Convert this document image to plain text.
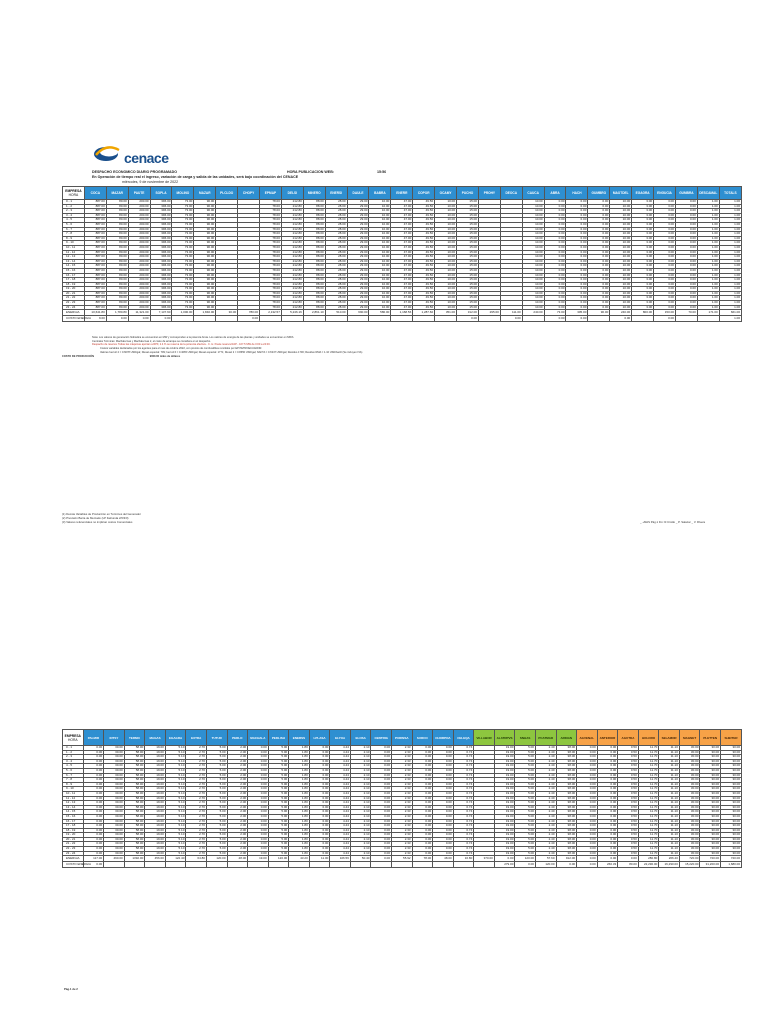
cenace
DESPACHO ECONOMICO DIARIO PROGRAMADO
En Operación de tiempo real el ingreso, variación de carga y salida de las unidades, será bajo coordinación del CENACE
miércoles, 9 de noviembre de 2022
HORA PUBLICACION WEB:	15:56
EMPRESA
HORA	COCA	MAZAR	PAUTE	SOPLA	MOLINO	MAZAR	PLCLDO	CHOPY	EPMAP	DELSI	MINERO	ENERSI	DAULE	BABRA	ENERR	COPOR	OCAMY	PUCHO	PROHY	DEOCA	CAUCA	ABRA	HACH	GUMBRO	MAOTDEL	EGAGRA	ENGUCIA	GUMBRA	DESCAMAL	TOTALS
0 - 1	887.00	80.00	200.00	396.00	73.00	90.00			78.00	212.80	88.00	28.00	29.00	10.00	47.00	49.50	10.00	15.00			10.00	0.00	0.00	0.00	10.00	3.00	3.00	0.00	1.00	1.00
1 - 2	887.00	80.00	200.00	396.00	73.00	90.00			78.00	212.80	88.00	28.00	29.00	10.00	47.00	49.50	10.00	15.00			10.00	0.00	0.00	0.00	10.00	3.00	3.00	0.00	1.00	1.00
2 - 3	887.00	80.00	200.00	396.00	73.00	90.00			78.00	212.80	88.00	28.00	29.00	10.00	47.00	49.50	10.00	15.00			10.00	0.00	0.00	0.00	10.00	3.00	3.00	0.00	1.00	1.00
3 - 4	887.00	80.00	200.00	396.00	73.00	90.00			78.00	212.80	88.00	28.00	29.00	10.00	47.00	49.50	10.00	15.00			10.00	0.00	0.00	0.00	10.00	3.00	3.00	0.00	1.00	1.00
4 - 5	887.00	80.00	200.00	396.00	73.00	90.00			78.00	212.80	88.00	28.00	29.00	10.00	47.00	49.50	10.00	15.00			10.00	0.00	0.00	0.00	10.00	3.00	3.00	0.00	1.00	1.00
5 - 6	887.00	80.00	200.00	396.00	73.00	90.00			78.00	212.80	88.00	28.00	29.00	10.00	47.00	49.50	10.00	15.00			10.00	0.00	0.00	0.00	10.00	3.00	3.00	0.00	1.00	1.00
6 - 7	887.00	80.00	200.00	396.00	73.00	90.00			78.00	212.80	88.00	28.00	29.00	10.00	47.00	49.50	10.00	15.00			10.00	0.00	0.00	0.00	10.00	3.00	3.00	0.00	1.00	1.00
7 - 8	887.00	80.00	200.00	396.00	73.00	90.00			78.00	212.80	88.00	28.00	29.00	10.00	47.00	49.50	10.00	15.00			10.00	0.00	0.00	0.00	10.00	3.00	3.00	0.00	1.00	1.00
8 - 9	887.00	80.00	200.00	396.00	73.00	90.00			78.00	212.80	88.00	28.00	29.00	10.00	47.00	49.50	10.00	15.00			10.00	0.00	0.00	0.00	10.00	3.00	3.00	0.00	1.00	1.00
9 - 10	887.00	80.00	200.00	396.00	73.00	90.00			78.00	212.80	88.00	28.00	29.00	10.00	47.00	49.50	10.00	15.00			10.00	0.00	0.00	0.00	10.00	3.00	3.00	0.00	1.00	1.00
10 - 11	887.00	80.00	200.00	396.00	73.00	90.00			78.00	212.80	88.00	28.00	29.00	10.00	47.00	49.50	10.00	15.00			10.00	0.00	0.00	0.00	10.00	3.00	3.00	0.00	1.00	1.00
11 - 12	887.00	80.00	200.00	396.00	73.00	90.00			78.00	212.80	88.00	28.00	29.00	10.00	47.00	49.50	10.00	15.00			10.00	0.00	0.00	0.00	10.00	3.00	3.00	0.00	1.00	1.00
12 - 13	887.00	80.00	200.00	396.00	73.00	90.00			78.00	212.80	88.00	28.00	29.00	10.00	47.00	49.50	10.00	15.00			10.00	0.00	0.00	0.00	10.00	3.00	3.00	0.00	1.00	1.00
13 - 14	887.00	80.00	200.00	396.00	73.00	90.00			78.00	212.80	88.00	28.00	29.00	10.00	47.00	49.50	10.00	15.00			10.00	0.00	0.00	0.00	10.00	3.00	3.00	0.00	1.00	1.00
14 - 15	887.00	80.00	200.00	396.00	73.00	90.00			78.00	212.80	88.00	28.00	29.00	10.00	47.00	49.50	10.00	15.00			10.00	0.00	0.00	0.00	10.00	3.00	3.00	0.00	1.00	1.00
15 - 16	887.00	80.00	200.00	396.00	73.00	90.00			78.00	212.80	88.00	28.00	29.00	10.00	47.00	49.50	10.00	15.00			10.00	0.00	0.00	0.00	10.00	3.00	3.00	0.00	1.00	1.00
16 - 17	887.00	80.00	200.00	396.00	73.00	90.00			78.00	212.80	88.00	28.00	29.00	10.00	47.00	49.50	10.00	15.00			10.00	0.00	0.00	0.00	10.00	3.00	3.00	0.00	1.00	1.00
17 - 18	887.00	80.00	200.00	396.00	73.00	90.00			78.00	212.80	88.00	28.00	29.00	10.00	47.00	49.50	10.00	15.00			10.00	0.00	0.00	0.00	10.00	3.00	3.00	0.00	1.00	1.00
18 - 19	887.00	80.00	200.00	396.00	73.00	90.00			78.00	212.80	88.00	28.00	29.00	10.00	47.00	49.50	10.00	15.00			10.00	0.00	0.00	0.00	10.00	3.00	3.00	0.00	1.00	1.00
19 - 20	887.00	80.00	200.00	396.00	73.00	90.00			78.00	212.80	88.00	28.00	29.00	10.00	47.00	49.50	10.00	15.00			10.00	0.00	0.00	0.00	10.00	3.00	3.00	0.00	1.00	1.00
20 - 21	887.00	80.00	200.00	396.00	73.00	90.00			78.00	212.80	88.00	28.00	29.00	10.00	47.00	49.50	10.00	15.00			10.00	0.00	0.00	0.00	10.00	3.00	3.00	0.00	1.00	1.00
21 - 22	887.00	80.00	200.00	396.00	73.00	90.00			78.00	212.80	88.00	28.00	29.00	10.00	47.00	49.50	10.00	15.00			10.00	0.00	0.00	0.00	10.00	3.00	3.00	0.00	1.00	1.00
22 - 23	887.00	80.00	200.00	396.00	73.00	90.00			78.00	212.80	88.00	28.00	29.00	10.00	47.00	49.50	10.00	15.00			10.00	0.00	0.00	0.00	10.00	3.00	3.00	0.00	1.00	1.00
23 - 24	887.00	80.00	200.00	396.00	73.00	90.00			78.00	212.80	88.00	28.00	29.00	10.00	47.00	49.50	10.00	15.00			10.00	0.00	0.00	0.00	10.00	3.00	3.00	0.00	1.00	1.00
ENERGIA	10,641.80	1,780.80	11,321.00	7,137.60	1,000.00	1,840.00	30.00	780.00	2,132.57	5,246.16	2,861.10	510.00	690.00	580.00	1,168.56	1,287.60	351.00	312.00	295.00	111.00	240.00	73.00	305.00	90.00	240.00	800.00	150.00	70.00	171.00	661.00
COSTO ENERGIA	9.00	0.00	0.00	0.00				0.00										0.00		0.00		0.00	0.00		0.00		0.00			1.00
Nota: Los valores de generación hidráulica se encuentran en MW y corresponden a la potencia bruta. Los valores de energía de las plantas y unidades se encuentran en MWh.
Centrales Térmicas: Machala Gas y Machala Gas 2, el costo de arranque se considera en el despacho.
Despacho de reserva: Todas las máquinas aportan a RPF, 2.4 % se reserva de la potencia efectiva - C. H. Paute reserva RAP - 167.5 MW de 0:00 a 24:00.
Costos variables declarados por los agentes para el mes de octubre 2022, con precios de combustibles remitidos por EP PETROECUADOR.
Valores fuel oil 4 = 0.6078 USD/gal; Diesel especial: 799; fuel oil 6 = 0.4065 USD/gal; Diesel especial: 1771; Diesel 2 = 0.8650 USD/gal; NAFTA = 0.6347 USD/gal; Residuo 1700; Residuo RMA = 1.10 USD/barril (Se incluyen IVA)
COSTO DE PRODUCCIÓN	9000.00 miles de dólares
(1) Demás Variables de Producción en Términos del Generador
(2) Previsión Barra de Mercado (LP Falcunda 2/6/3/0)
(3) Valores referenciales no implican costos Comerciales	_ +MAS Pág.1 Fin: R.Criollo _ P. Salazar _ V. Rivera
EMPRESA
HORA	PALMIR	INTSY	TERMO	MAGAS	EGAGRA	EXTRA	TUTUR	PERLO	MACHALA	PEDLISH	ENERSS	LPLASA	ELYOA	ELOSA	CENTRIG	PURINSA	SURCO	CHORPOA	CELEQA	VILLABOR	ALATRPVS	SNHAS	PCATMAD	ARDIAN	AGVENAL	ANTERIOR	AGUTDA	HOLORO	SELAMOR	MAGNET	PLETTEN	SHEITER
0 - 1	0.00	30.00	58.00	19.00	5.10	2.70	5.00	2.00	0.00	5.00	1.80	0.00	4.44	2.10	0.00	2.33	0.00	0.00	0.74		19.00	5.00	2.40	38.00	0.00	0.00	0.50	11.70	11.10	30.00	30.00	30.00
1 - 2	0.00	30.00	58.00	19.00	5.10	2.70	5.00	2.00	0.00	5.00	1.80	0.00	4.44	2.10	0.00	2.33	0.00	0.00	0.74		19.00	5.00	2.40	38.00	0.00	0.00	0.50	11.70	11.10	30.00	30.00	30.00
2 - 3	0.00	30.00	58.00	19.00	5.10	2.70	5.00	2.00	0.00	5.00	1.80	0.00	4.44	2.10	0.00	2.33	0.00	0.00	0.74		19.00	5.00	2.40	38.00	0.00	0.00	0.50	11.70	11.10	30.00	30.00	30.00
3 - 4	0.00	30.00	58.00	19.00	5.10	2.70	5.00	2.00	0.00	5.00	1.80	0.00	4.44	2.10	0.00	2.33	0.00	0.00	0.74		19.00	5.00	2.40	38.00	0.00	0.00	0.50	11.70	11.10	30.00	30.00	30.00
4 - 5	0.00	30.00	58.00	19.00	5.10	2.70	5.00	2.00	0.00	5.00	1.80	0.00	4.44	2.10	0.00	2.33	0.00	0.00	0.74		19.00	5.00	2.40	38.00	0.00	0.00	0.50	11.70	11.10	30.00	30.00	30.00
5 - 6	0.00	30.00	58.00	19.00	5.10	2.70	5.00	2.00	0.00	5.00	1.80	0.00	4.44	2.10	0.00	2.33	0.00	0.00	0.74		19.00	5.00	2.40	38.00	0.00	0.00	0.50	11.70	11.10	30.00	30.00	30.00
6 - 7	0.00	30.00	58.00	19.00	5.10	2.70	5.00	2.00	0.00	5.00	1.80	0.00	4.44	2.10	0.00	2.33	0.00	0.00	0.74		19.00	5.00	2.40	38.00	0.00	0.00	0.50	11.70	11.10	30.00	30.00	30.00
7 - 8	0.00	30.00	58.00	19.00	5.10	2.70	5.00	2.00	0.00	5.00	1.80	0.00	4.44	2.10	0.00	2.33	0.00	0.00	0.74		19.00	5.00	2.40	38.00	0.00	0.00	0.50	11.70	11.10	30.00	30.00	30.00
8 - 9	0.00	30.00	58.00	19.00	5.10	2.70	5.00	2.00	0.00	5.00	1.80	0.00	4.44	2.10	0.00	2.33	0.00	0.00	0.74		19.00	5.00	2.40	38.00	0.00	0.00	0.50	11.70	11.10	30.00	30.00	30.00
9 - 10	0.00	30.00	58.00	19.00	5.10	2.70	5.00	2.00	0.00	5.00	1.80	0.00	4.44	2.10	0.00	2.33	0.00	0.00	0.74		19.00	5.00	2.40	38.00	0.00	0.00	0.50	11.70	11.10	30.00	30.00	30.00
10 - 11	0.00	30.00	58.00	19.00	5.10	2.70	5.00	2.00	0.00	5.00	1.80	0.00	4.44	2.10	0.00	2.33	0.00	0.00	0.74		19.00	5.00	2.40	38.00	0.00	0.00	0.50	11.70	11.10	30.00	30.00	30.00
11 - 12	0.00	30.00	58.00	19.00	5.10	2.70	5.00	2.00	0.00	5.00	1.80	0.00	4.44	2.10	0.00	2.33	0.00	0.00	0.74		19.00	5.00	2.40	38.00	0.00	0.00	0.50	11.70	11.10	30.00	30.00	30.00
12 - 13	0.00	30.00	58.00	19.00	5.10	2.70	5.00	2.00	0.00	5.00	1.80	0.00	4.44	2.10	0.00	2.33	0.00	0.00	0.74		19.00	5.00	2.40	38.00	0.00	0.00	0.50	11.70	11.10	30.00	30.00	30.00
13 - 14	0.00	30.00	58.00	19.00	5.10	2.70	5.00	2.00	0.00	5.00	1.80	0.00	4.44	2.10	0.00	2.33	0.00	0.00	0.74		19.00	5.00	2.40	38.00	0.00	0.00	0.50	11.70	11.10	30.00	30.00	30.00
14 - 15	0.00	30.00	58.00	19.00	5.10	2.70	5.00	2.00	0.00	5.00	1.80	0.00	4.44	2.10	0.00	2.33	0.00	0.00	0.74		19.00	5.00	2.40	38.00	0.00	0.00	0.50	11.70	11.10	30.00	30.00	30.00
15 - 16	0.00	30.00	58.00	19.00	5.10	2.70	5.00	2.00	0.00	5.00	1.80	0.00	4.44	2.10	0.00	2.33	0.00	0.00	0.74		19.00	5.00	2.40	38.00	0.00	0.00	0.50	11.70	11.10	30.00	30.00	30.00
16 - 17	0.00	30.00	58.00	19.00	5.10	2.70	5.00	2.00	0.00	5.00	1.80	0.00	4.44	2.10	0.00	2.33	0.00	0.00	0.74		19.00	5.00	2.40	38.00	0.00	0.00	0.50	11.70	11.10	30.00	30.00	30.00
17 - 18	0.00	30.00	58.00	19.00	5.10	2.70	5.00	2.00	0.00	5.00	1.80	0.00	4.44	2.10	0.00	2.33	0.00	0.00	0.74		19.00	5.00	2.40	38.00	0.00	0.00	0.50	11.70	11.10	30.00	30.00	30.00
18 - 19	0.00	30.00	58.00	19.00	5.10	2.70	5.00	2.00	0.00	5.00	1.80	0.00	4.44	2.10	0.00	2.33	0.00	0.00	0.74		19.00	5.00	2.40	38.00	0.00	0.00	0.50	11.70	11.10	30.00	30.00	30.00
19 - 20	0.00	30.00	58.00	19.00	5.10	2.70	5.00	2.00	0.00	5.00	1.80	0.00	4.44	2.10	0.00	2.33	0.00	0.00	0.74		19.00	5.00	2.40	38.00	0.00	0.00	0.50	11.70	11.10	30.00	30.00	30.00
20 - 21	0.00	30.00	58.00	19.00	5.10	2.70	5.00	2.00	0.00	5.00	1.80	0.00	4.44	2.10	0.00	2.33	0.00	0.00	0.74		19.00	5.00	2.40	38.00	0.00	0.00	0.50	11.70	11.10	30.00	30.00	30.00
21 - 22	0.00	30.00	58.00	19.00	5.10	2.70	5.00	2.00	0.00	5.00	1.80	0.00	4.44	2.10	0.00	2.33	0.00	0.00	0.74		19.00	5.00	2.40	38.00	0.00	0.00	0.50	11.70	11.10	30.00	30.00	30.00
22 - 23	0.00	30.00	58.00	19.00	5.10	2.70	5.00	2.00	0.00	5.00	1.80	0.00	4.44	2.10	0.00	2.33	0.00	0.00	0.74		19.00	5.00	2.40	38.00	0.00	0.00	0.50	11.70	11.10	30.00	30.00	30.00
23 - 24	0.00	30.00	58.00	19.00	5.10	2.70	5.00	2.00	0.00	5.00	1.80	0.00	4.44	2.10	0.00	2.33	0.00	0.00	0.74		19.00	5.00	2.40	38.00	0.00	0.00	0.50	11.70	11.10	30.00	30.00	30.00
ENERGIA	117.00	490.00	1392.00	456.00	122.40	64.80	120.00	48.00	19.00	120.00	43.20	11.00	106.56	50.40	0.00	55.92	78.00	48.00	16.80	370.00	0.00	120.00	57.60	912.00	0.00	0.00	0.60	280.80	266.40	720.00	720.00	720.00
COSTO ENERGIA	0.00																				279.00	0.00	120.00	0.00	0.00	260.33	80.00	22,290.00	16,290.00	15,220.00	31,200.00	1,680.00
Pág.1 de 2
